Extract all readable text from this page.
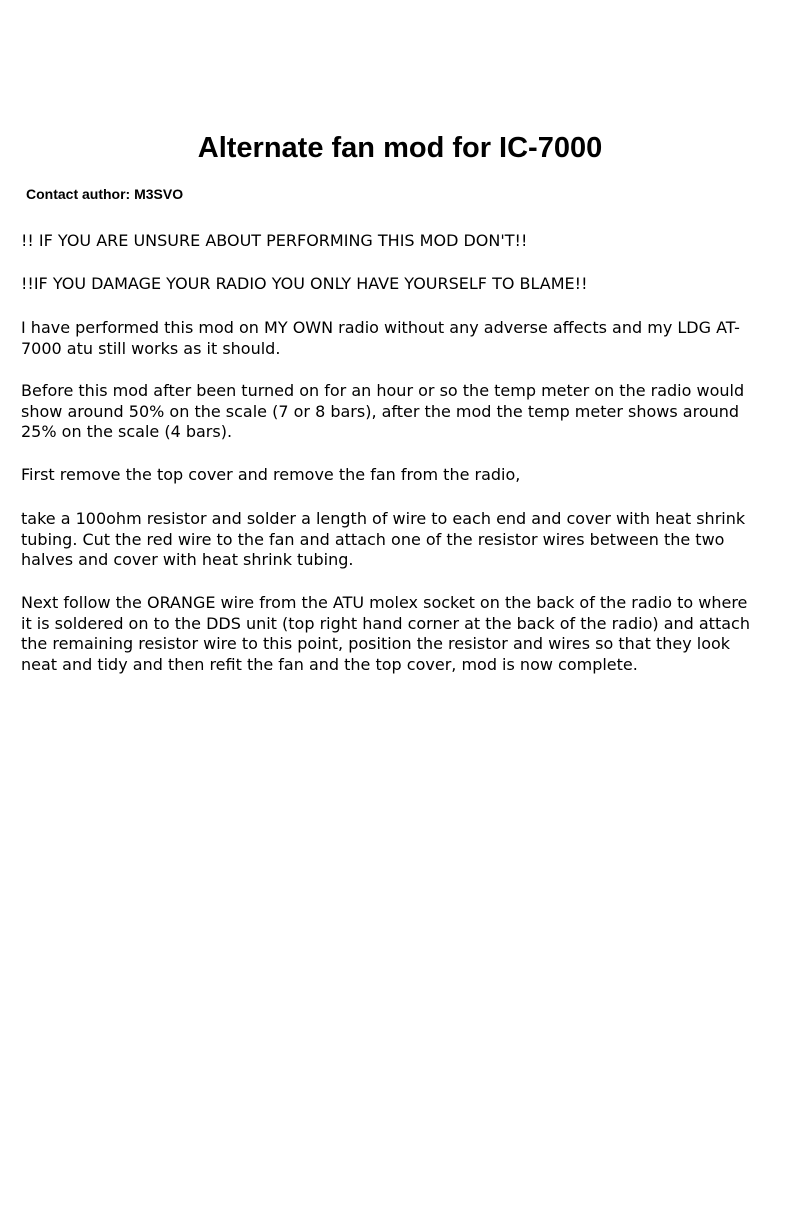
Alternate fan mod for IC-7000

Contact author: M3SVO

!! IF YOU ARE UNSURE ABOUT PERFORMING THIS MOD DON'T!!

!!IF YOU DAMAGE YOUR RADIO YOU ONLY HAVE YOURSELF TO BLAME!!

I have performed this mod on MY OWN radio without any adverse affects and my LDG AT-
7000 atu still works as it should.

Before this mod after been turned on for an hour or so the temp meter on the radio would
show around 50% on the scale (7 or 8 bars), after the mod the temp meter shows around
25% on the scale (4 bars).

First remove the top cover and remove the fan from the radio,

take a 100ohm resistor and solder a length of wire to each end and cover with heat shrink
tubing. Cut the red wire to the fan and attach one of the resistor wires between the two
halves and cover with heat shrink tubing.

Next follow the ORANGE wire from the ATU molex socket on the back of the radio to where
it is soldered on to the DDS unit (top right hand corner at the back of the radio) and attach
the remaining resistor wire to this point, position the resistor and wires so that they look
neat and tidy and then refit the fan and the top cover, mod is now complete.
